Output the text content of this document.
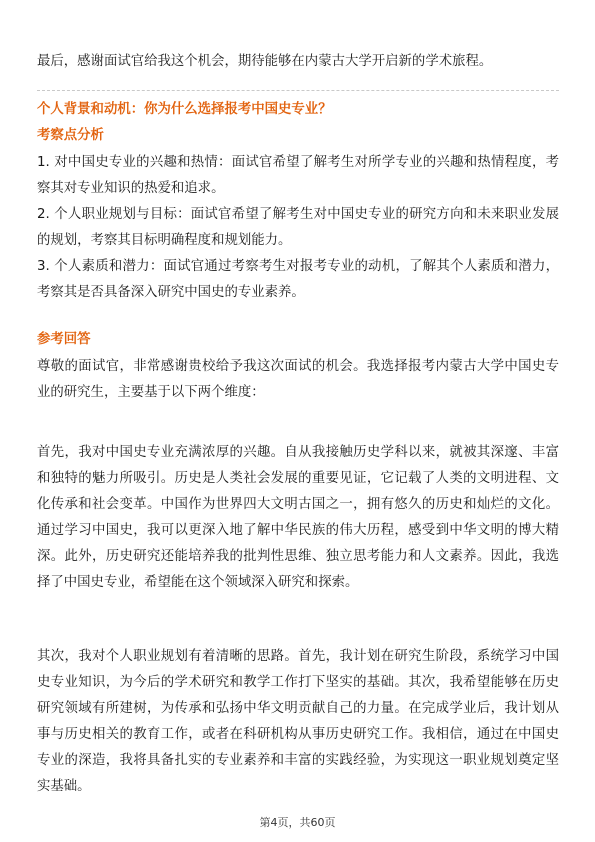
最后，感谢面试官给我这个机会，期待能够在内蒙古大学开启新的学术旅程。

个人背景和动机：你为什么选择报考中国史专业？
考察点分析
1. 对中国史专业的兴趣和热情：面试官希望了解考生对所学专业的兴趣和热情程度，考察其对专业知识的热爱和追求。
2. 个人职业规划与目标：面试官希望了解考生对中国史专业的研究方向和未来职业发展的规划，考察其目标明确程度和规划能力。
3. 个人素质和潜力：面试官通过考察考生对报考专业的动机，了解其个人素质和潜力，考察其是否具备深入研究中国史的专业素养。
参考回答

尊敬的面试官，非常感谢贵校给予我这次面试的机会。我选择报考内蒙古大学中国史专业的研究生，主要基于以下两个维度：

首先，我对中国史专业充满浓厚的兴趣。自从我接触历史学科以来，就被其深邃、丰富和独特的魅力所吸引。历史是人类社会发展的重要见证，它记载了人类的文明进程、文化传承和社会变革。中国作为世界四大文明古国之一，拥有悠久的历史和灿烂的文化。通过学习中国史，我可以更深入地了解中华民族的伟大历程，感受到中华文明的博大精深。此外，历史研究还能培养我的批判性思维、独立思考能力和人文素养。因此，我选择了中国史专业，希望能在这个领域深入研究和探索。

其次，我对个人职业规划有着清晰的思路。首先，我计划在研究生阶段，系统学习中国史专业知识，为今后的学术研究和教学工作打下坚实的基础。其次，我希望能够在历史研究领域有所建树，为传承和弘扬中华文明贡献自己的力量。在完成学业后，我计划从事与历史相关的教育工作，或者在科研机构从事历史研究工作。我相信，通过在中国史专业的深造，我将具备扎实的专业素养和丰富的实践经验，为实现这一职业规划奠定坚实基础。

第4页，共60页
